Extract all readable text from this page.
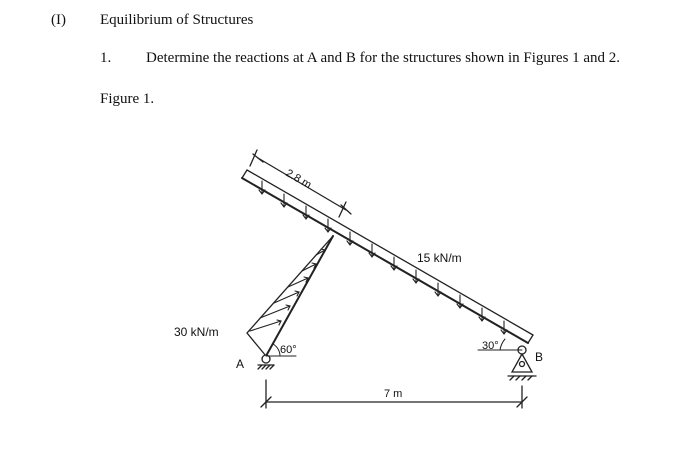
(I) Equilibrium of Structures
1. Determine the reactions at A and B for the structures shown in Figures 1 and 2.
Figure 1.
2.8 m
15 kN/m
30 kN/m
60°	30°
A	B
7 m
